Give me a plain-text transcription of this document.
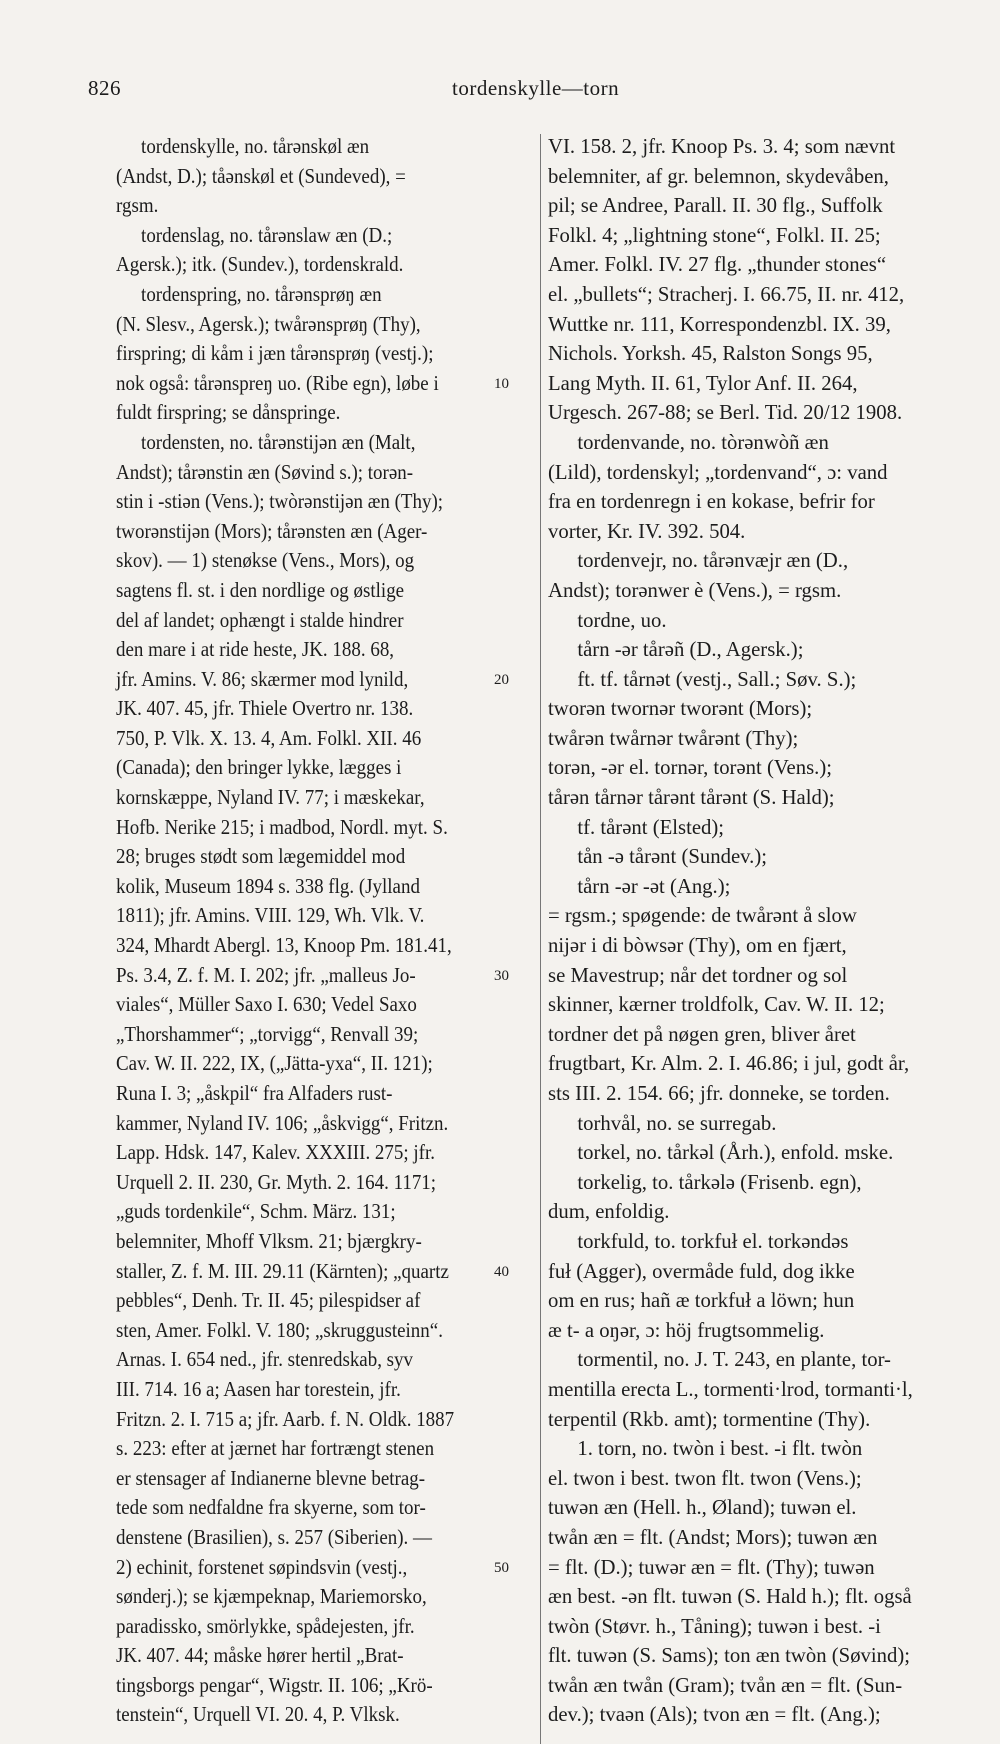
826	tordenskylle—torn
tordenskylle, no. tårənskøl æn
(Andst, D.); tåənskøl et (Sundeved), =
rgsm.
tordenslag, no. tårənslaw æn (D.;
Agersk.); itk. (Sundev.), tordenskrald.
tordenspring, no. tårənsprøŋ æn
(N. Slesv., Agersk.); twårənsprøŋ (Thy),
firspring; di kåm i jæn tårənsprøŋ (vestj.);
nok også: tårənspreŋ uo. (Ribe egn), løbe i
fuldt firspring; se dånspringe.
tordensten, no. tårənstijən æn (Malt,
Andst); tårənstin æn (Søvind s.); torən-
stin i -stiən (Vens.); twòrənstijən æn (Thy);
tworənstijən (Mors); tårənsten æn (Ager-
skov). — 1) stenøkse (Vens., Mors), og
sagtens fl. st. i den nordlige og østlige
del af landet; ophængt i stalde hindrer
den mare i at ride heste, JK. 188. 68,
jfr. Amins. V. 86; skærmer mod lynild,
JK. 407. 45, jfr. Thiele Overtro nr. 138.
750, P. Vlk. X. 13. 4, Am. Folkl. XII. 46
(Canada); den bringer lykke, lægges i
kornskæppe, Nyland IV. 77; i mæskekar,
Hofb. Nerike 215; i madbod, Nordl. myt. S.
28; bruges stødt som lægemiddel mod
kolik, Museum 1894 s. 338 flg. (Jylland
1811); jfr. Amins. VIII. 129, Wh. Vlk. V.
324, Mhardt Abergl. 13, Knoop Pm. 181.41,
Ps. 3.4, Z. f. M. I. 202; jfr. „malleus Jo-
viales“, Müller Saxo I. 630; Vedel Saxo
„Thorshammer“; „torvigg“, Renvall 39;
Cav. W. II. 222, IX, („Jätta-yxa“, II. 121);
Runa I. 3; „åskpil“ fra Alfaders rust-
kammer, Nyland IV. 106; „åskvigg“, Fritzn.
Lapp. Hdsk. 147, Kalev. XXXIII. 275; jfr.
Urquell 2. II. 230, Gr. Myth. 2. 164. 1171;
„guds tordenkile“, Schm. März. 131;
belemniter, Mhoff Vlksm. 21; bjærgkry-
staller, Z. f. M. III. 29.11 (Kärnten); „quartz
pebbles“, Denh. Tr. II. 45; pilespidser af
sten, Amer. Folkl. V. 180; „skruggusteinn“.
Arnas. I. 654 ned., jfr. stenredskab, syv
III. 714. 16 a; Aasen har torestein, jfr.
Fritzn. 2. I. 715 a; jfr. Aarb. f. N. Oldk. 1887
s. 223: efter at jærnet har fortrængt stenen
er stensager af Indianerne blevne betrag-
tede som nedfaldne fra skyerne, som tor-
denstene (Brasilien), s. 257 (Siberien). —
2) echinit, forstenet søpindsvin (vestj.,
sønderj.); se kjæmpeknap, Mariemorsko,
paradissko, smörlykke, spådejesten, jfr.
JK. 407. 44; måske hører hertil „Brat-
tingsborgs pengar“, Wigstr. II. 106; „Krö-
tenstein“, Urquell VI. 20. 4, P. Vlksk.
10
20
30
40
50
VI. 158. 2, jfr. Knoop Ps. 3. 4; som nævnt
belemniter, af gr. belemnon, skydevåben,
pil; se Andree, Parall. II. 30 flg., Suffolk
Folkl. 4; „lightning stone“, Folkl. II. 25;
Amer. Folkl. IV. 27 flg. „thunder stones“
el. „bullets“; Stracherj. I. 66.75, II. nr. 412,
Wuttke nr. 111, Korrespondenzbl. IX. 39,
Nichols. Yorksh. 45, Ralston Songs 95,
Lang Myth. II. 61, Tylor Anf. II. 264,
Urgesch. 267-88; se Berl. Tid. 20/12 1908.
tordenvande, no. tòrənwòñ æn
(Lild), tordenskyl; „tordenvand“, ɔ: vand
fra en tordenregn i en kokase, befrir for
vorter, Kr. IV. 392. 504.
tordenvejr, no. tårənvæjr æn (D.,
Andst); torənwer è (Vens.), = rgsm.
tordne, uo.
tårn -ər tårəñ (D., Agersk.);
ft. tf. tårnət (vestj., Sall.; Søv. S.);
tworən twornər tworənt (Mors);
twårən twårnər twårənt (Thy);
torən, -ər el. tornər, torənt (Vens.);
tårən tårnər tårənt tårənt (S. Hald);
tf. tårənt (Elsted);
tån -ə tårənt (Sundev.);
tårn -ər -ət (Ang.);
= rgsm.; spøgende: de twårənt å slow
nijər i di bòwsər (Thy), om en fjært,
se Mavestrup; når det tordner og sol
skinner, kærner troldfolk, Cav. W. II. 12;
tordner det på nøgen gren, bliver året
frugtbart, Kr. Alm. 2. I. 46.86; i jul, godt år,
sts III. 2. 154. 66; jfr. donneke, se torden.
torhvål, no. se surregab.
torkel, no. tårkəl (Årh.), enfold. mske.
torkelig, to. tårkələ (Frisenb. egn),
dum, enfoldig.
torkfuld, to. torkfuł el. torkəndəs
fuł (Agger), overmåde fuld, dog ikke
om en rus; hañ æ torkfuł a löwn; hun
æ t- a oŋər, ɔ: höj frugtsommelig.
tormentil, no. J. T. 243, en plante, tor-
mentilla erecta L., tormenti·lrod, tormanti·l,
terpentil (Rkb. amt); tormentine (Thy).
1. torn, no. twòn i best. -i flt. twòn
el. twon i best. twon flt. twon (Vens.);
tuwən æn (Hell. h., Øland); tuwən el.
twån æn = flt. (Andst; Mors); tuwən æn
= flt. (D.); tuwər æn = flt. (Thy); tuwən
æn best. -ən flt. tuwən (S. Hald h.); flt. også
twòn (Støvr. h., Tåning); tuwən i best. -i
flt. tuwən (S. Sams); ton æn twòn (Søvind);
twån æn twån (Gram); tvån æn = flt. (Sun-
dev.); tvaən (Als); tvon æn = flt. (Ang.);
